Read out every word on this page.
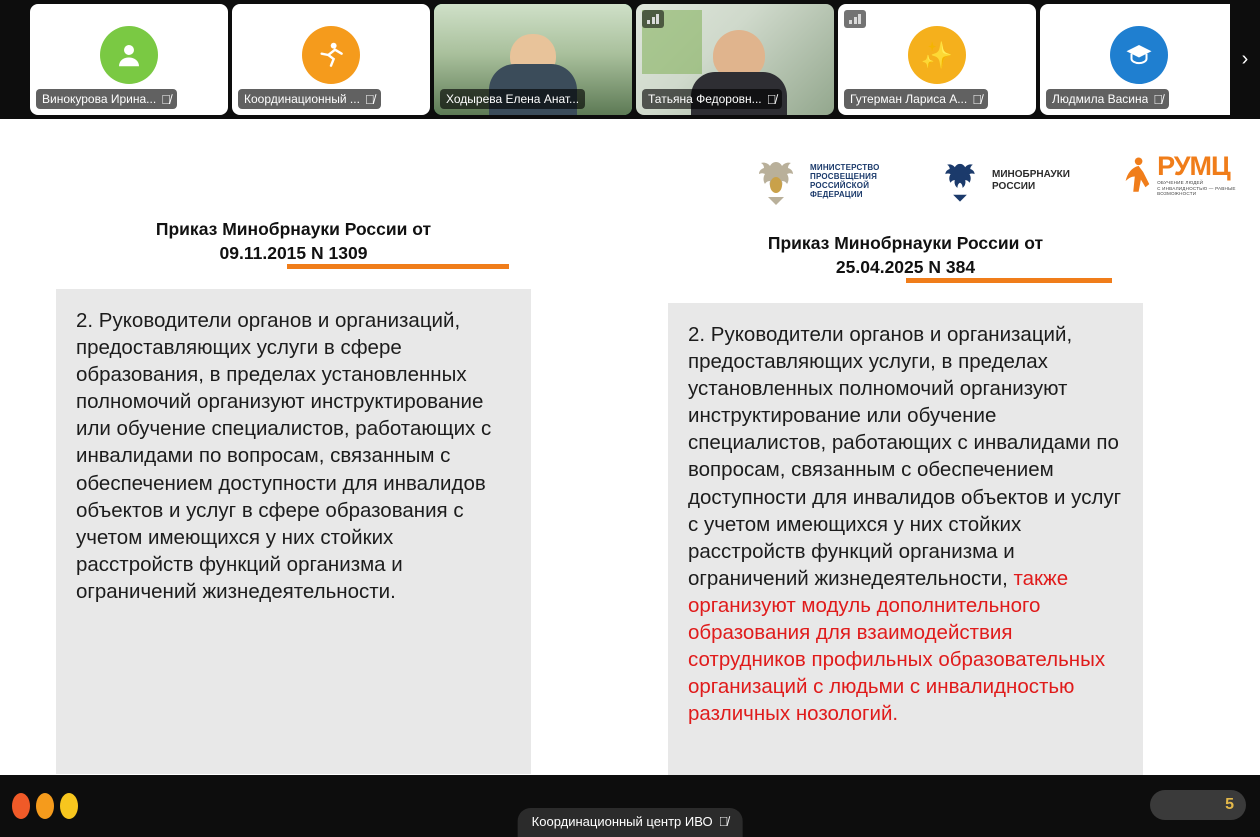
Винокурова Ирина... 🎙̸	Координационный ... 🎙̸	Ходырева Елена Анат...	Татьяна Федоровн... 🎙̸
✨
Гутерман Лариса А... 🎙̸	Людмила Васина 🎙̸
›
МИНИСТЕРСТВО
ПРОСВЕЩЕНИЯ
РОССИЙСКОЙ
ФЕДЕРАЦИИ
МИНОБРНАУКИ
РОССИИ
РУМЦ
ОБУЧЕНИЕ ЛЮДЕЙ
С ИНВАЛИДНОСТЬЮ — РАВНЫЕ ВОЗМОЖНОСТИ
Приказ Минобрнауки России от
09.11.2015 N 1309
2. Руководители органов и организаций, предоставляющих услуги в сфере образования, в пределах установленных полномочий организуют инструктирование или обучение специалистов, работающих с инвалидами по вопросам, связанным с обеспечением доступности для инвалидов объектов и услуг в сфере образования с учетом имеющихся у них стойких расстройств функций организма и ограничений жизнедеятельности.
Приказ Минобрнауки России от
25.04.2025 N 384
2. Руководители органов и организаций, предоставляющих услуги, в пределах установленных полномочий организуют инструктирование или обучение специалистов, работающих с инвалидами по вопросам, связанным с обеспечением доступности для инвалидов объектов и услуг с учетом имеющихся у них стойких расстройств функций организма и ограничений жизнедеятельности, также организуют модуль дополнительного образования для взаимодействия сотрудников профильных образовательных организаций с людьми с инвалидностью различных нозологий.
5
Координационный центр ИВО 🎙̸
